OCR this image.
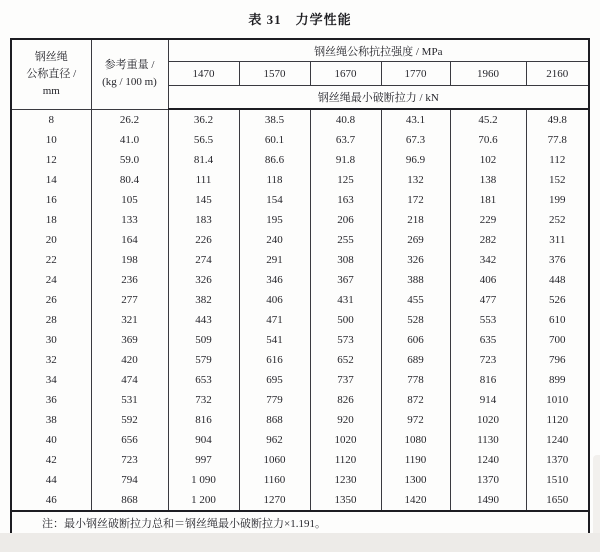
表 31　力学性能
钢丝绳
公称直径 /
mm

参考重量 /
(kg / 100 m)
	钢丝绳公称抗拉强度 / MPa
		1470	1570	1670	1770	1960	2160
		钢丝绳最小破断拉力 / kN					
8	26.2	36.2	38.5	40.8	43.1	45.2	49.8
10	41.0	56.5	60.1	63.7	67.3	70.6	77.8
12	59.0	81.4	86.6	91.8	96.9	102	112
14	80.4	111	118	125	132	138	152
16	105	145	154	163	172	181	199
18	133	183	195	206	218	229	252
20	164	226	240	255	269	282	311
22	198	274	291	308	326	342	376
24	236	326	346	367	388	406	448
26	277	382	406	431	455	477	526
28	321	443	471	500	528	553	610
30	369	509	541	573	606	635	700
32	420	579	616	652	689	723	796
34	474	653	695	737	778	816	899
36	531	732	779	826	872	914	1010
38	592	816	868	920	972	1020	1120
40	656	904	962	1020	1080	1130	1240
42	723	997	1060	1120	1190	1240	1370
44	794	1 090	1160	1230	1300	1370	1510
46	868	1 200	1270	1350	1420	1490	1650
注：最小钢丝破断拉力总和＝钢丝绳最小破断拉力×1.191。							
